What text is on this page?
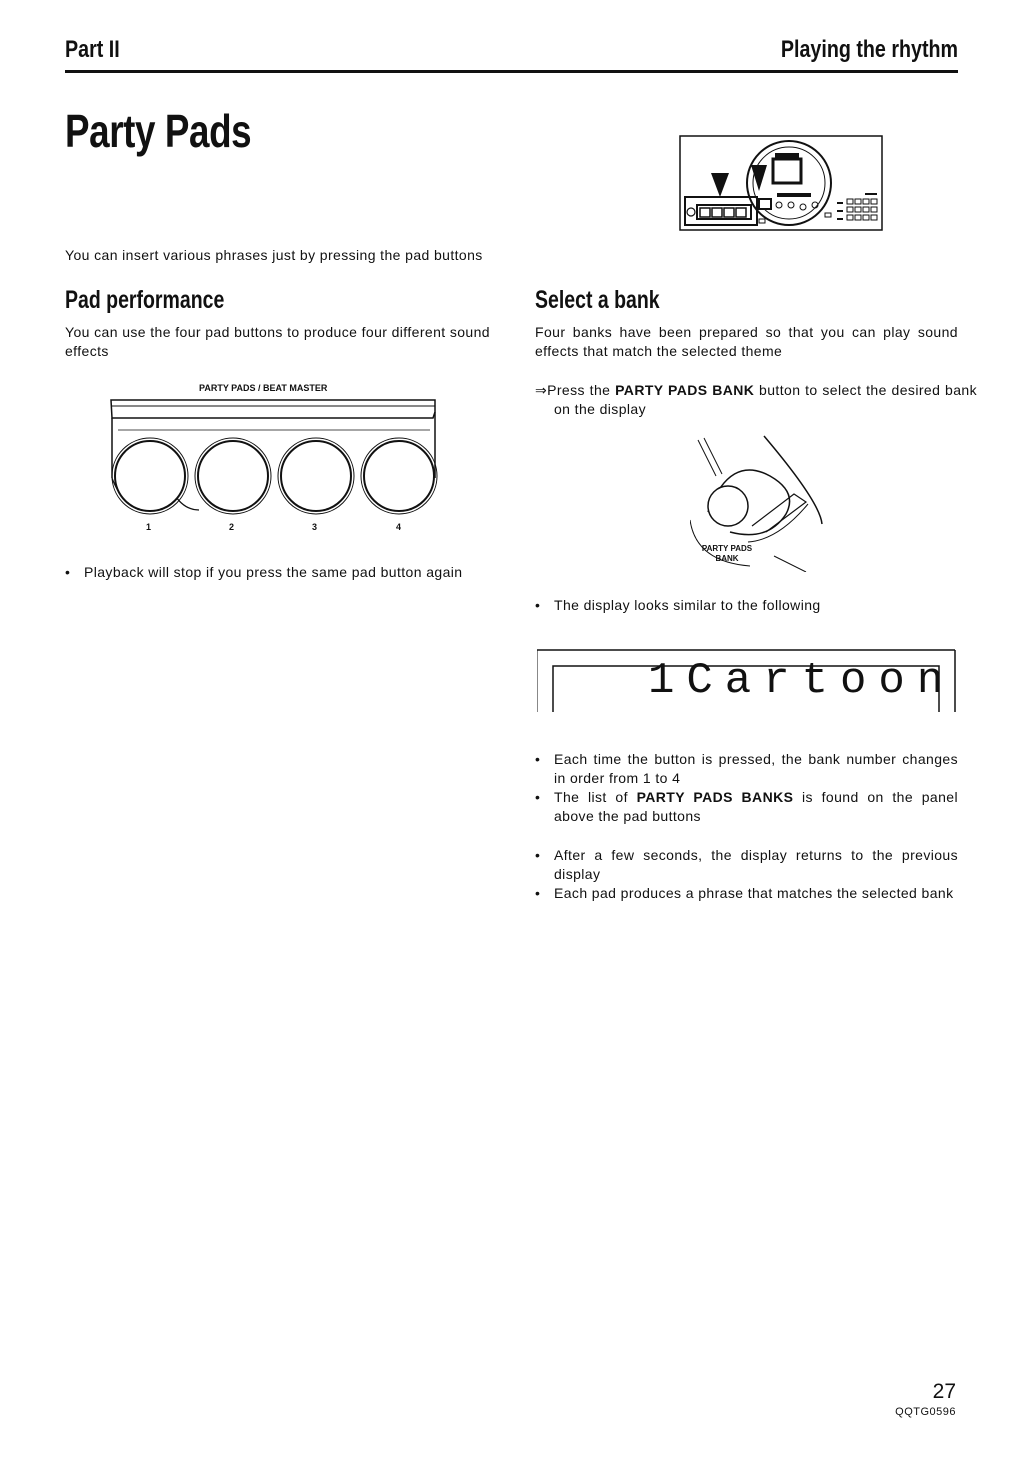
Part II	Playing the rhythm
Party Pads
You can insert various phrases just by pressing the pad buttons
Pad performance
You can use the four pad buttons to produce four different sound effects
PARTY PADS / BEAT MASTER
1	2	3	4
• Playback will stop if you press the same pad button again
Select a bank
Four banks have been prepared so that you can play sound effects that match the selected theme
⇒Press the PARTY PADS BANK button to select the desired bank on the display
PARTY PADS
BANK
• The display looks similar to the following
1Cartoon
• Each time the button is pressed, the bank number changes in order from 1 to 4
• The list of PARTY PADS BANKS is found on the panel above the pad buttons
• After a few seconds, the display returns to the previous display
• Each pad produces a phrase that matches the selected bank
27
QQTG0596
